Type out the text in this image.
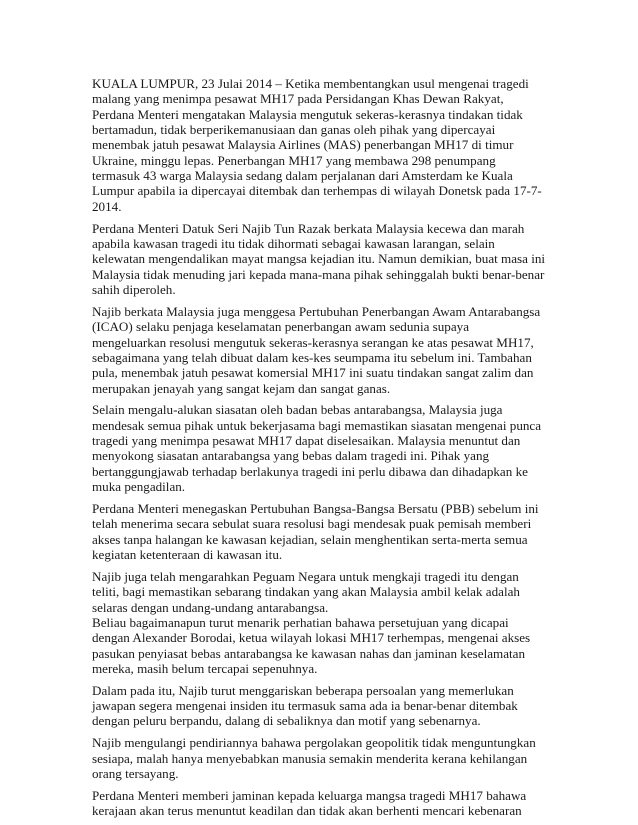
KUALA LUMPUR, 23 Julai 2014 – Ketika membentangkan usul mengenai tragedi malang yang menimpa pesawat MH17 pada Persidangan Khas Dewan Rakyat, Perdana Menteri mengatakan Malaysia mengutuk sekeras-kerasnya tindakan tidak bertamadun, tidak berperikemanusiaan dan ganas oleh pihak yang dipercayai menembak jatuh pesawat Malaysia Airlines (MAS) penerbangan MH17 di timur Ukraine, minggu lepas. Penerbangan MH17 yang membawa 298 penumpang termasuk 43 warga Malaysia sedang dalam perjalanan dari Amsterdam ke Kuala Lumpur apabila ia dipercayai ditembak dan terhempas di wilayah Donetsk pada 17-7-2014.

Perdana Menteri Datuk Seri Najib Tun Razak berkata Malaysia kecewa dan marah apabila kawasan tragedi itu tidak dihormati sebagai kawasan larangan, selain kelewatan mengendalikan mayat mangsa kejadian itu. Namun demikian, buat masa ini Malaysia tidak menuding jari kepada mana-mana pihak sehinggalah bukti benar-benar sahih diperoleh.

Najib berkata Malaysia juga menggesa Pertubuhan Penerbangan Awam Antarabangsa (ICAO) selaku penjaga keselamatan penerbangan awam sedunia supaya mengeluarkan resolusi mengutuk sekeras-kerasnya serangan ke atas pesawat MH17, sebagaimana yang telah dibuat dalam kes-kes seumpama itu sebelum ini. Tambahan pula, menembak jatuh pesawat komersial MH17 ini suatu tindakan sangat zalim dan merupakan jenayah yang sangat kejam dan sangat ganas.

Selain mengalu-alukan siasatan oleh badan bebas antarabangsa, Malaysia juga mendesak semua pihak untuk bekerjasama bagi memastikan siasatan mengenai punca tragedi yang menimpa pesawat MH17 dapat diselesaikan. Malaysia menuntut dan menyokong siasatan antarabangsa yang bebas dalam tragedi ini. Pihak yang bertanggungjawab terhadap berlakunya tragedi ini perlu dibawa dan dihadapkan ke muka pengadilan.

Perdana Menteri menegaskan Pertubuhan Bangsa-Bangsa Bersatu (PBB) sebelum ini telah menerima secara sebulat suara resolusi bagi mendesak puak pemisah memberi akses tanpa halangan ke kawasan kejadian, selain menghentikan serta-merta semua kegiatan ketenteraan di kawasan itu.

Najib juga telah mengarahkan Peguam Negara untuk mengkaji tragedi itu dengan teliti, bagi memastikan sebarang tindakan yang akan Malaysia ambil kelak adalah selaras dengan undang-undang antarabangsa.

Beliau bagaimanapun turut menarik perhatian bahawa persetujuan yang dicapai dengan Alexander Borodai, ketua wilayah lokasi MH17 terhempas, mengenai akses pasukan penyiasat bebas antarabangsa ke kawasan nahas dan jaminan keselamatan mereka, masih belum tercapai sepenuhnya.

Dalam pada itu, Najib turut menggariskan beberapa persoalan yang memerlukan jawapan segera mengenai insiden itu termasuk sama ada ia benar-benar ditembak dengan peluru berpandu, dalang di sebaliknya dan motif yang sebenarnya.

Najib mengulangi pendiriannya bahawa pergolakan geopolitik tidak menguntungkan sesiapa, malah hanya menyebabkan manusia semakin menderita kerana kehilangan orang tersayang.

Perdana Menteri memberi jaminan kepada keluarga mangsa tragedi MH17 bahawa kerajaan akan terus menuntut keadilan dan tidak akan berhenti mencari kebenaran
